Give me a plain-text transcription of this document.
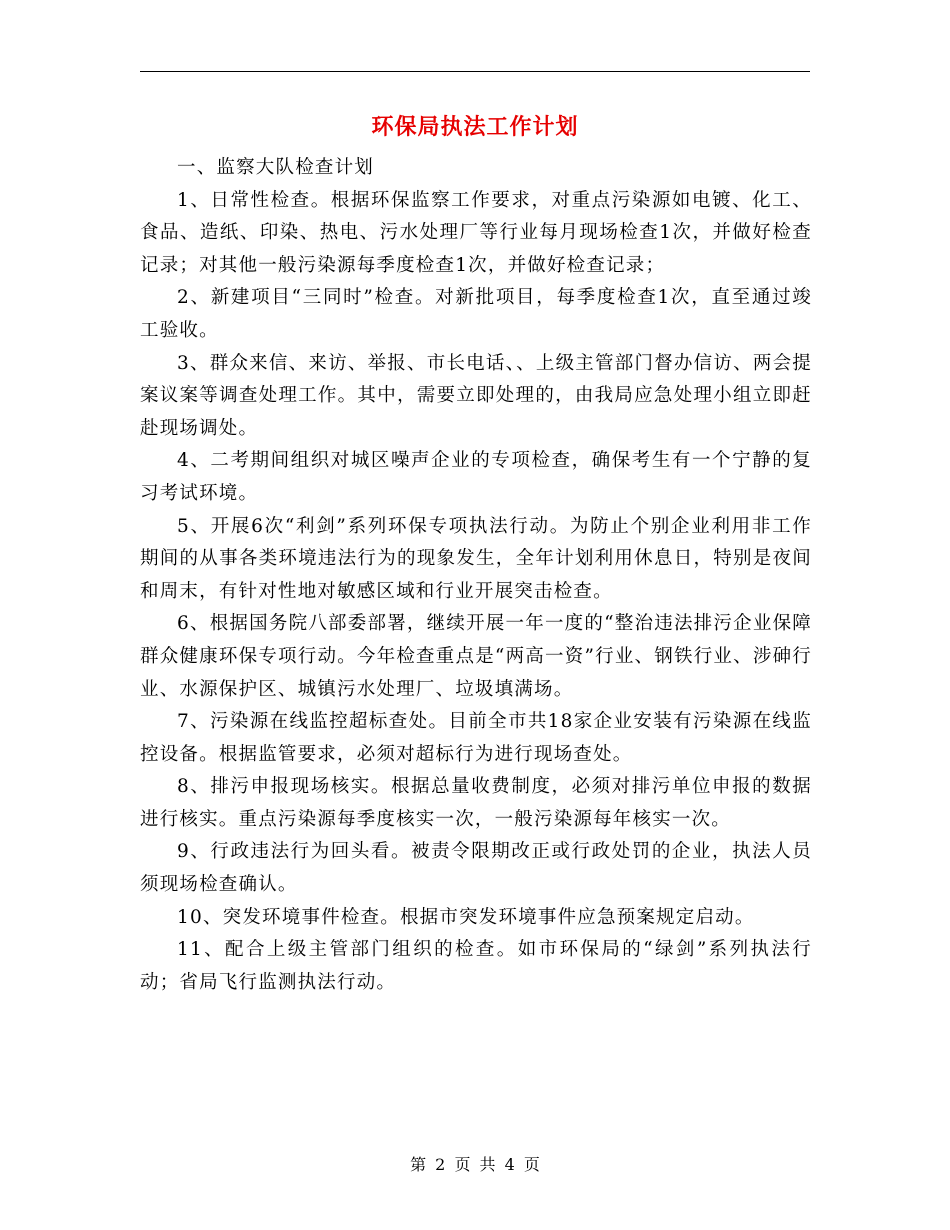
环保局执法工作计划

一、监察大队检查计划

1、日常性检查。根据环保监察工作要求，对重点污染源如电镀、化工、食品、造纸、印染、热电、污水处理厂等行业每月现场检查1次，并做好检查记录；对其他一般污染源每季度检查1次，并做好检查记录；

2、新建项目“三同时”检查。对新批项目，每季度检查1次，直至通过竣工验收。

3、群众来信、来访、举报、市长电话、、上级主管部门督办信访、两会提案议案等调查处理工作。其中，需要立即处理的，由我局应急处理小组立即赶赴现场调处。

4、二考期间组织对城区噪声企业的专项检查，确保考生有一个宁静的复习考试环境。

5、开展6次“利剑”系列环保专项执法行动。为防止个别企业利用非工作期间的从事各类环境违法行为的现象发生，全年计划利用休息日，特别是夜间和周末，有针对性地对敏感区域和行业开展突击检查。

6、根据国务院八部委部署，继续开展一年一度的“整治违法排污企业保障群众健康环保专项行动。今年检查重点是“两高一资”行业、钢铁行业、涉砷行业、水源保护区、城镇污水处理厂、垃圾填满场。

7、污染源在线监控超标查处。目前全市共18家企业安装有污染源在线监控设备。根据监管要求，必须对超标行为进行现场查处。

8、排污申报现场核实。根据总量收费制度，必须对排污单位申报的数据进行核实。重点污染源每季度核实一次，一般污染源每年核实一次。

9、行政违法行为回头看。被责令限期改正或行政处罚的企业，执法人员须现场检查确认。

10、突发环境事件检查。根据市突发环境事件应急预案规定启动。

11、配合上级主管部门组织的检查。如市环保局的“绿剑”系列执法行动；省局飞行监测执法行动。

第 2 页 共 4 页
